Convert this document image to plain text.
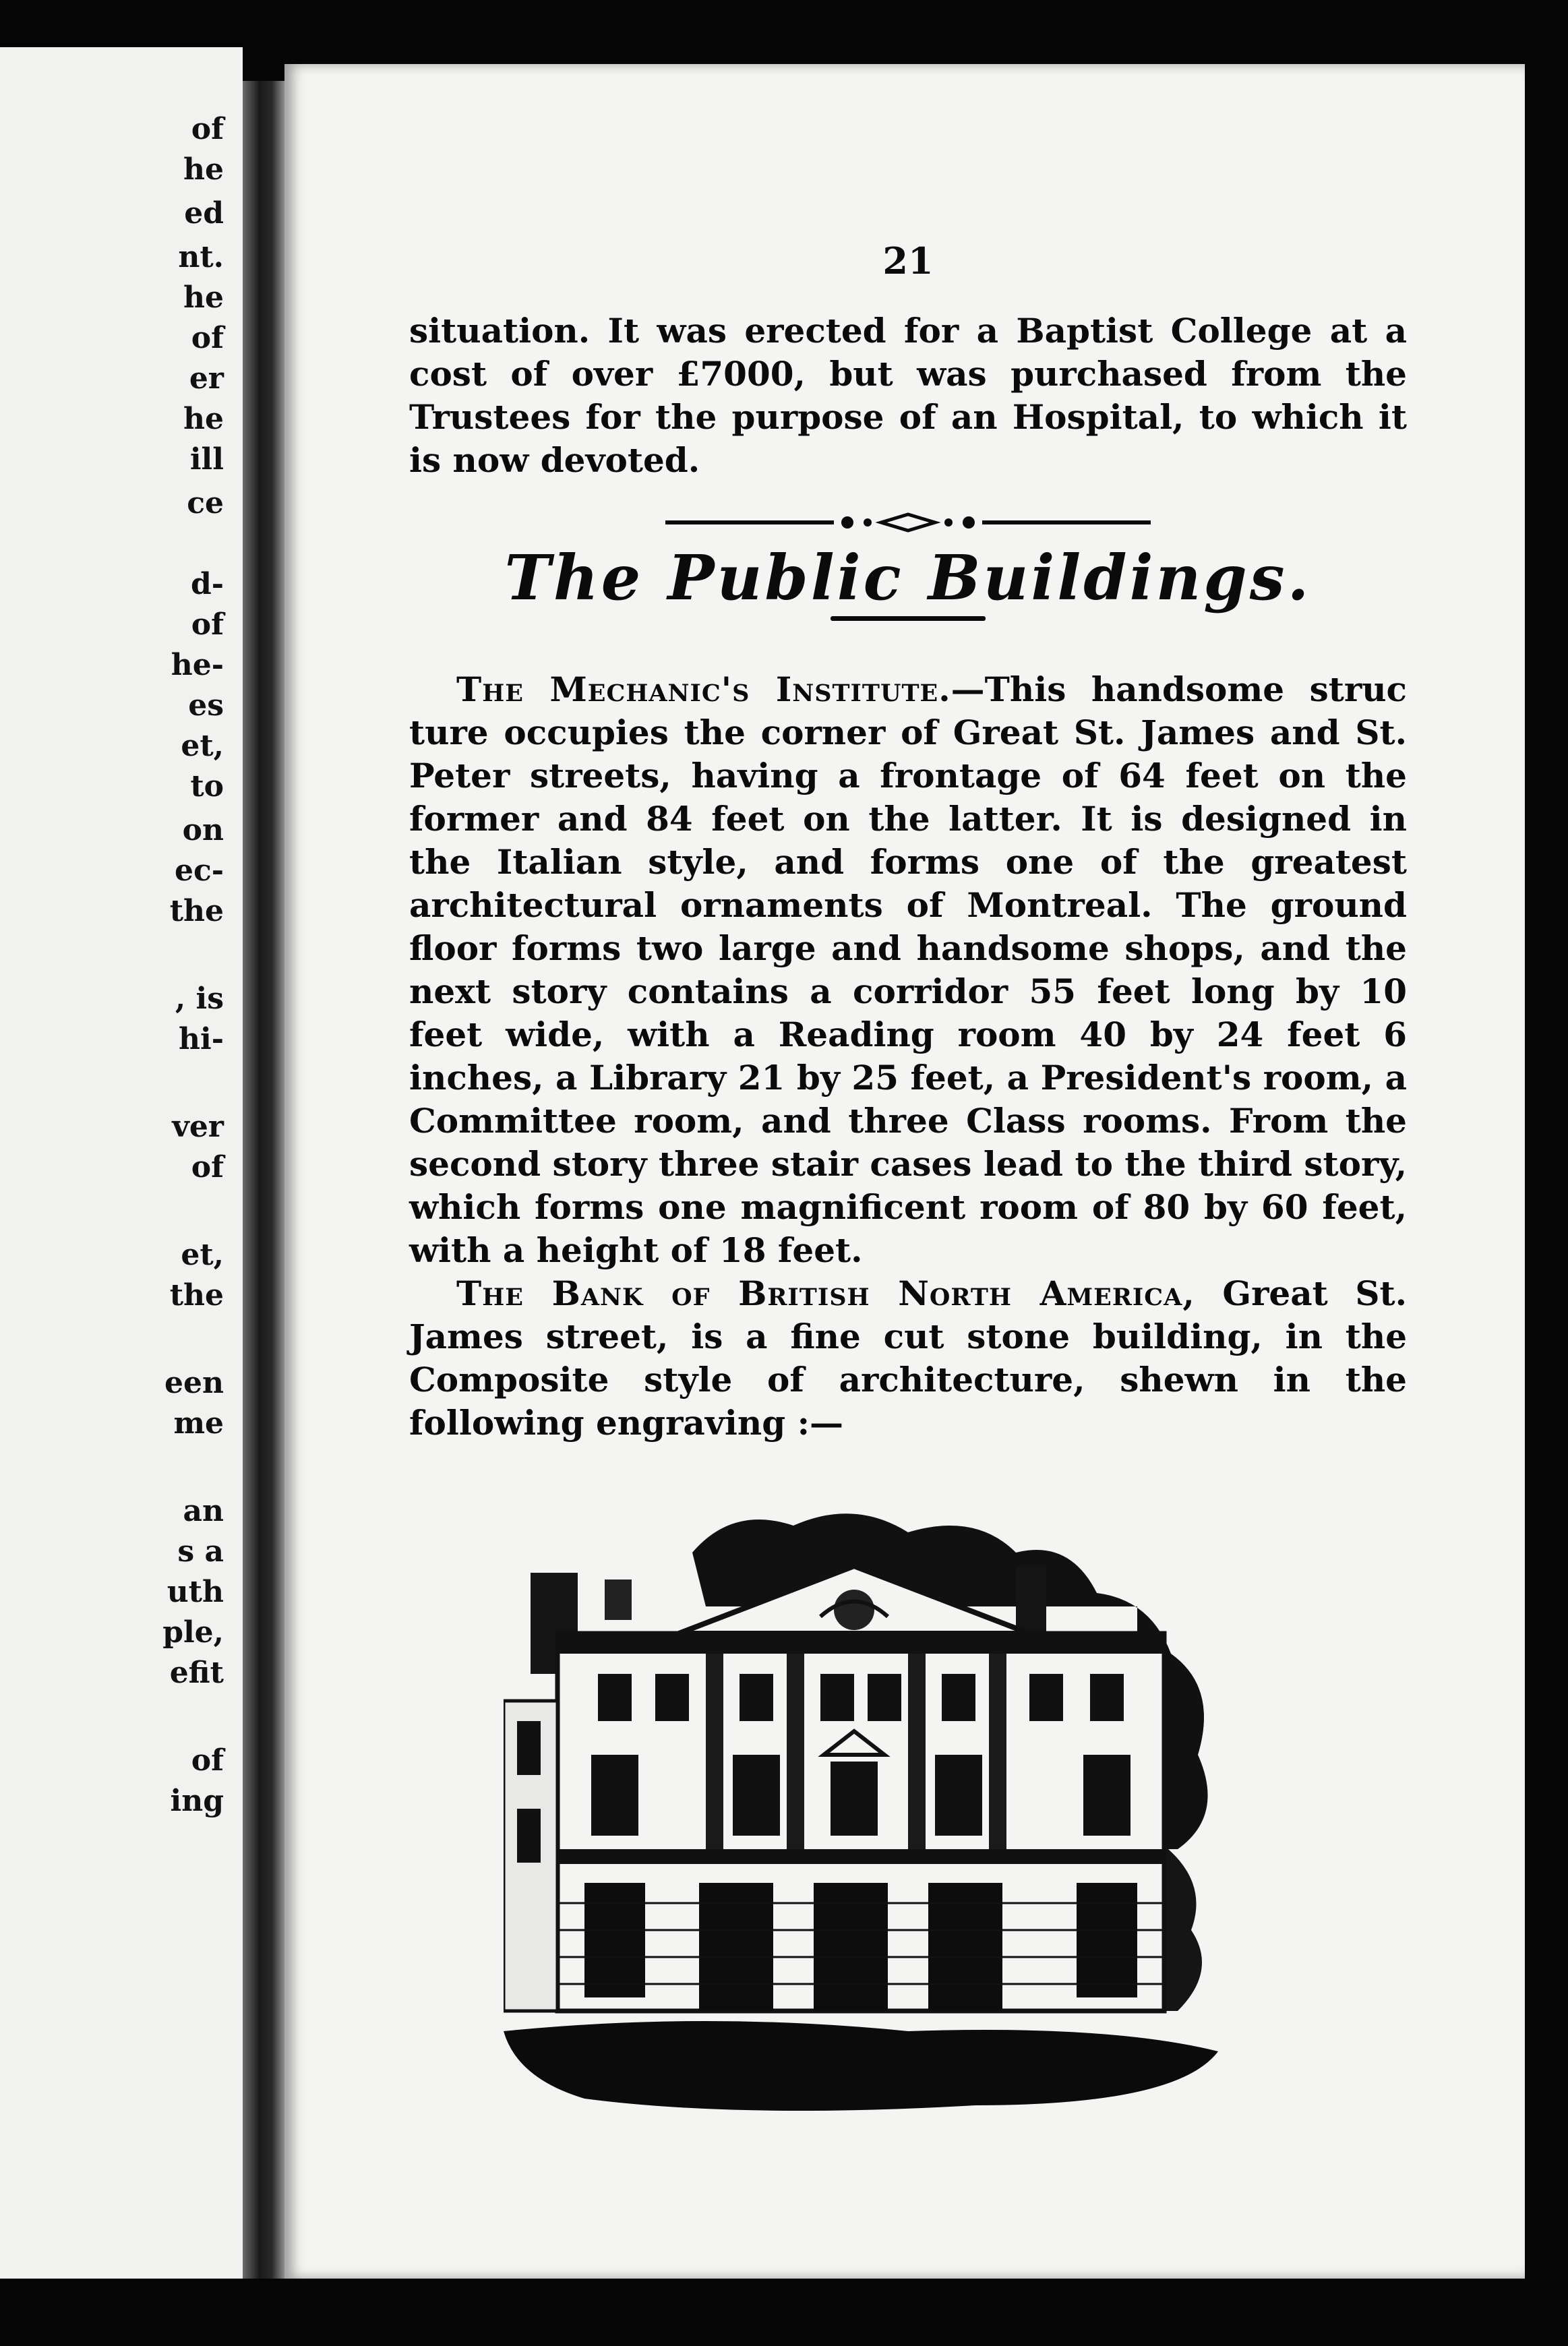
of
he
ed
nt.
he
of
er
he
ill
ce
d-
of
he-
es
et,
to
on
ec-
the
, is
hi-
ver
of
et,
the
een
me
an
s a
uth
ple,
efit
of
ing

21

situation. It was erected for a Baptist College at a cost of over £7000, but was purchased from the Trustees for the purpose of an Hospital, to which it is now devoted.

The Public Buildings.

The Mechanic's Institute.—This handsome struc ture occupies the corner of Great St. James and St. Peter streets, having a frontage of 64 feet on the former and 84 feet on the latter. It is designed in the Italian style, and forms one of the greatest architectural ornaments of Montreal. The ground floor forms two large and handsome shops, and the next story contains a corridor 55 feet long by 10 feet wide, with a Reading room 40 by 24 feet 6 inches, a Library 21 by 25 feet, a President's room, a Committee room, and three Class rooms. From the second story three stair cases lead to the third story, which forms one magnificent room of 80 by 60 feet, with a height of 18 feet.

The Bank of British North America, Great St. James street, is a fine cut stone building, in the Composite style of architecture, shewn in the following engraving :—
